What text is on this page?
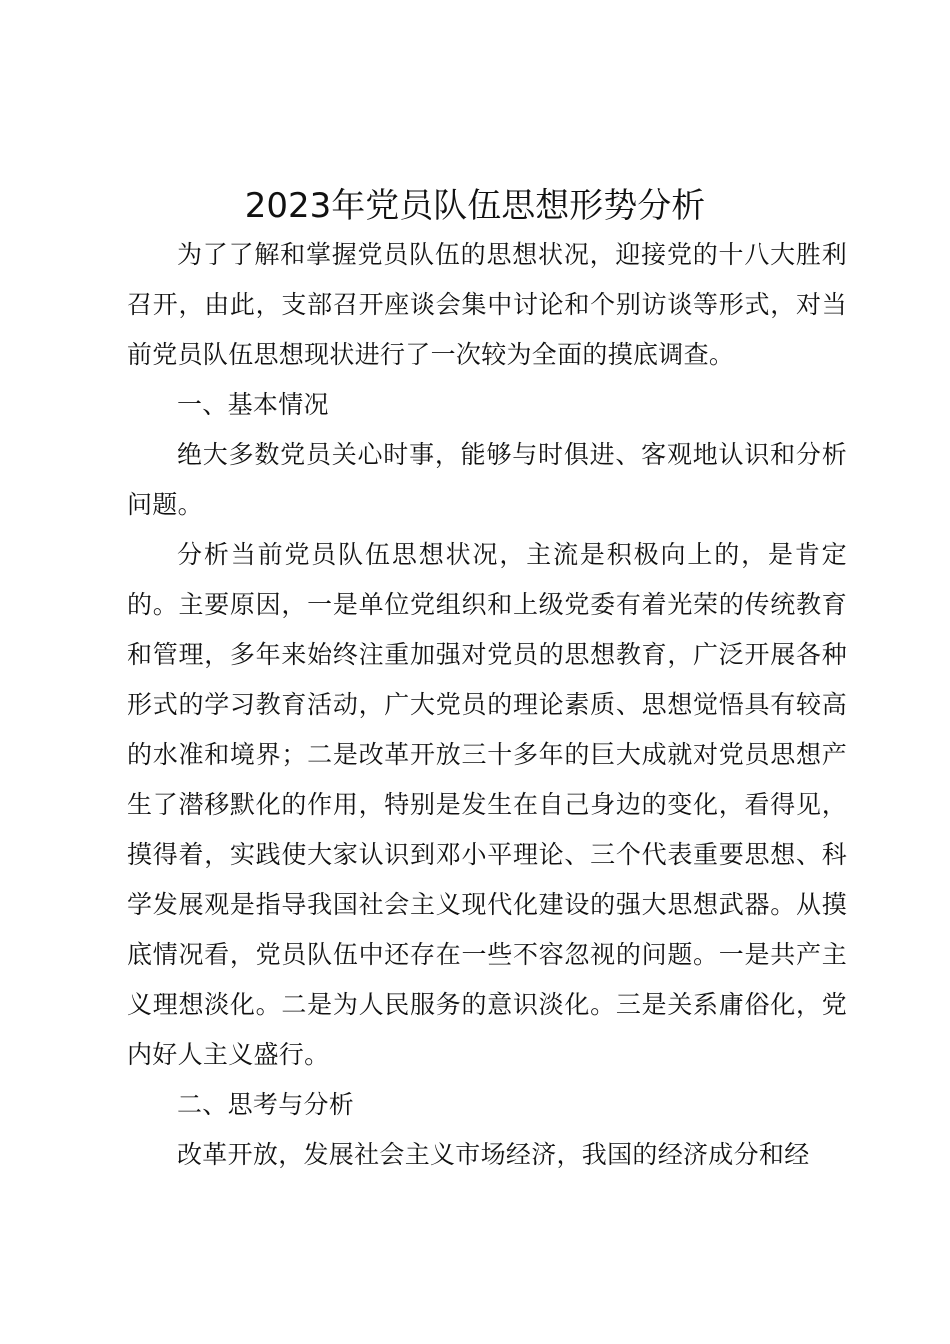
2023年党员队伍思想形势分析

为了了解和掌握党员队伍的思想状况，迎接党的十八大胜利召开，由此，支部召开座谈会集中讨论和个别访谈等形式，对当前党员队伍思想现状进行了一次较为全面的摸底调查。

一、基本情况

绝大多数党员关心时事，能够与时俱进、客观地认识和分析问题。

分析当前党员队伍思想状况，主流是积极向上的，是肯定的。主要原因，一是单位党组织和上级党委有着光荣的传统教育和管理，多年来始终注重加强对党员的思想教育，广泛开展各种形式的学习教育活动，广大党员的理论素质、思想觉悟具有较高的水准和境界；二是改革开放三十多年的巨大成就对党员思想产生了潜移默化的作用，特别是发生在自己身边的变化，看得见，摸得着，实践使大家认识到邓小平理论、三个代表重要思想、科学发展观是指导我国社会主义现代化建设的强大思想武器。从摸底情况看，党员队伍中还存在一些不容忽视的问题。一是共产主义理想淡化。二是为人民服务的意识淡化。三是关系庸俗化，党内好人主义盛行。

二、思考与分析

改革开放，发展社会主义市场经济，我国的经济成分和经
